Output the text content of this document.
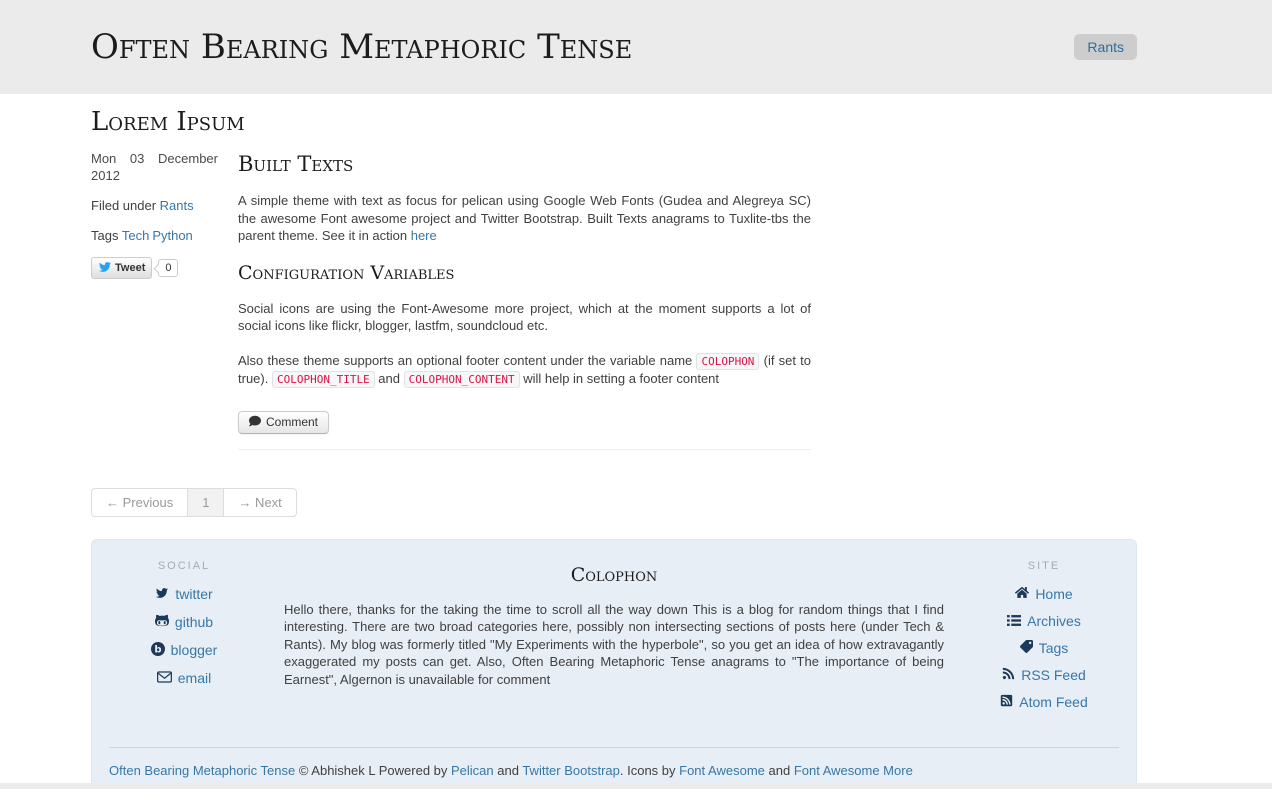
Often Bearing Metaphoric Tense	Rants
Lorem Ipsum

Mon 03 December 2012

Filed under Rants

Tags Tech Python

Tweet	0
Built Texts

A simple theme with text as focus for pelican using Google Web Fonts (Gudea and Alegreya SC) the awesome Font awesome project and Twitter Bootstrap. Built Texts anagrams to Tuxlite-tbs the parent theme. See it in action here

Configuration Variables

Social icons are using the Font-Awesome more project, which at the moment supports a lot of social icons like flickr, blogger, lastfm, soundcloud etc.

Also these theme supports an optional footer content under the variable name COLOPHON (if set to true). COLOPHON_TITLE and COLOPHON_CONTENT will help in setting a footer content

Comment
← Previous	1	→ Next
SOCIAL
twitter
github
b blogger
email
Colophon

Hello there, thanks for the taking the time to scroll all the way down This is a blog for random things that I find interesting. There are two broad categories here, possibly non intersecting sections of posts here (under Tech & Rants). My blog was formerly titled "My Experiments with the hyperbole", so you get an idea of how extravagantly exaggerated my posts can get. Also, Often Bearing Metaphoric Tense anagrams to "The importance of being Earnest", Algernon is unavailable for comment

SITE
Home
Archives
Tags
RSS Feed
Atom Feed

Often Bearing Metaphoric Tense © Abhishek L Powered by Pelican and Twitter Bootstrap. Icons by Font Awesome and Font Awesome More
